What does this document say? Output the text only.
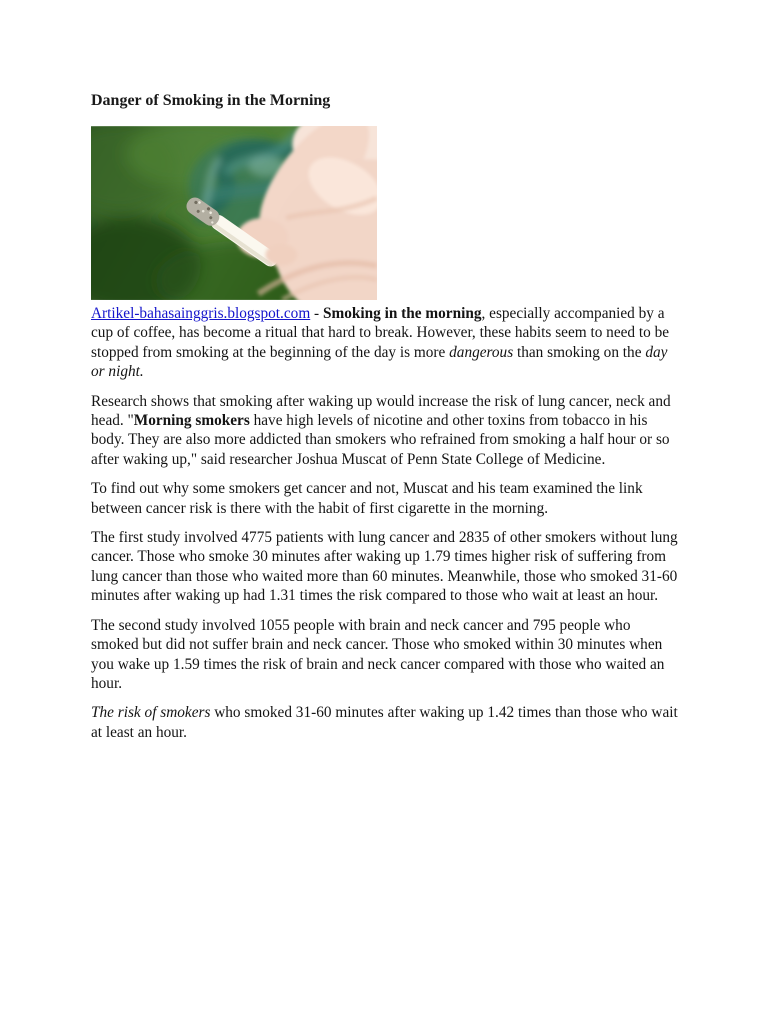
Danger of Smoking in the Morning

Artikel-bahasainggris.blogspot.com - Smoking in the morning, especially accompanied by a cup of coffee, has become a ritual that hard to break. However, these habits seem to need to be stopped from smoking at the beginning of the day is more dangerous than smoking on the day or night.

Research shows that smoking after waking up would increase the risk of lung cancer, neck and head. "Morning smokers have high levels of nicotine and other toxins from tobacco in his body. They are also more addicted than smokers who refrained from smoking a half hour or so after waking up," said researcher Joshua Muscat of Penn State College of Medicine.

To find out why some smokers get cancer and not, Muscat and his team examined the link between cancer risk is there with the habit of first cigarette in the morning.

The first study involved 4775 patients with lung cancer and 2835 of other smokers without lung cancer. Those who smoke 30 minutes after waking up 1.79 times higher risk of suffering from lung cancer than those who waited more than 60 minutes. Meanwhile, those who smoked 31-60 minutes after waking up had 1.31 times the risk compared to those who wait at least an hour.

The second study involved 1055 people with brain and neck cancer and 795 people who smoked but did not suffer brain and neck cancer. Those who smoked within 30 minutes when you wake up 1.59 times the risk of brain and neck cancer compared with those who waited an hour.

The risk of smokers who smoked 31-60 minutes after waking up 1.42 times than those who wait at least an hour.
